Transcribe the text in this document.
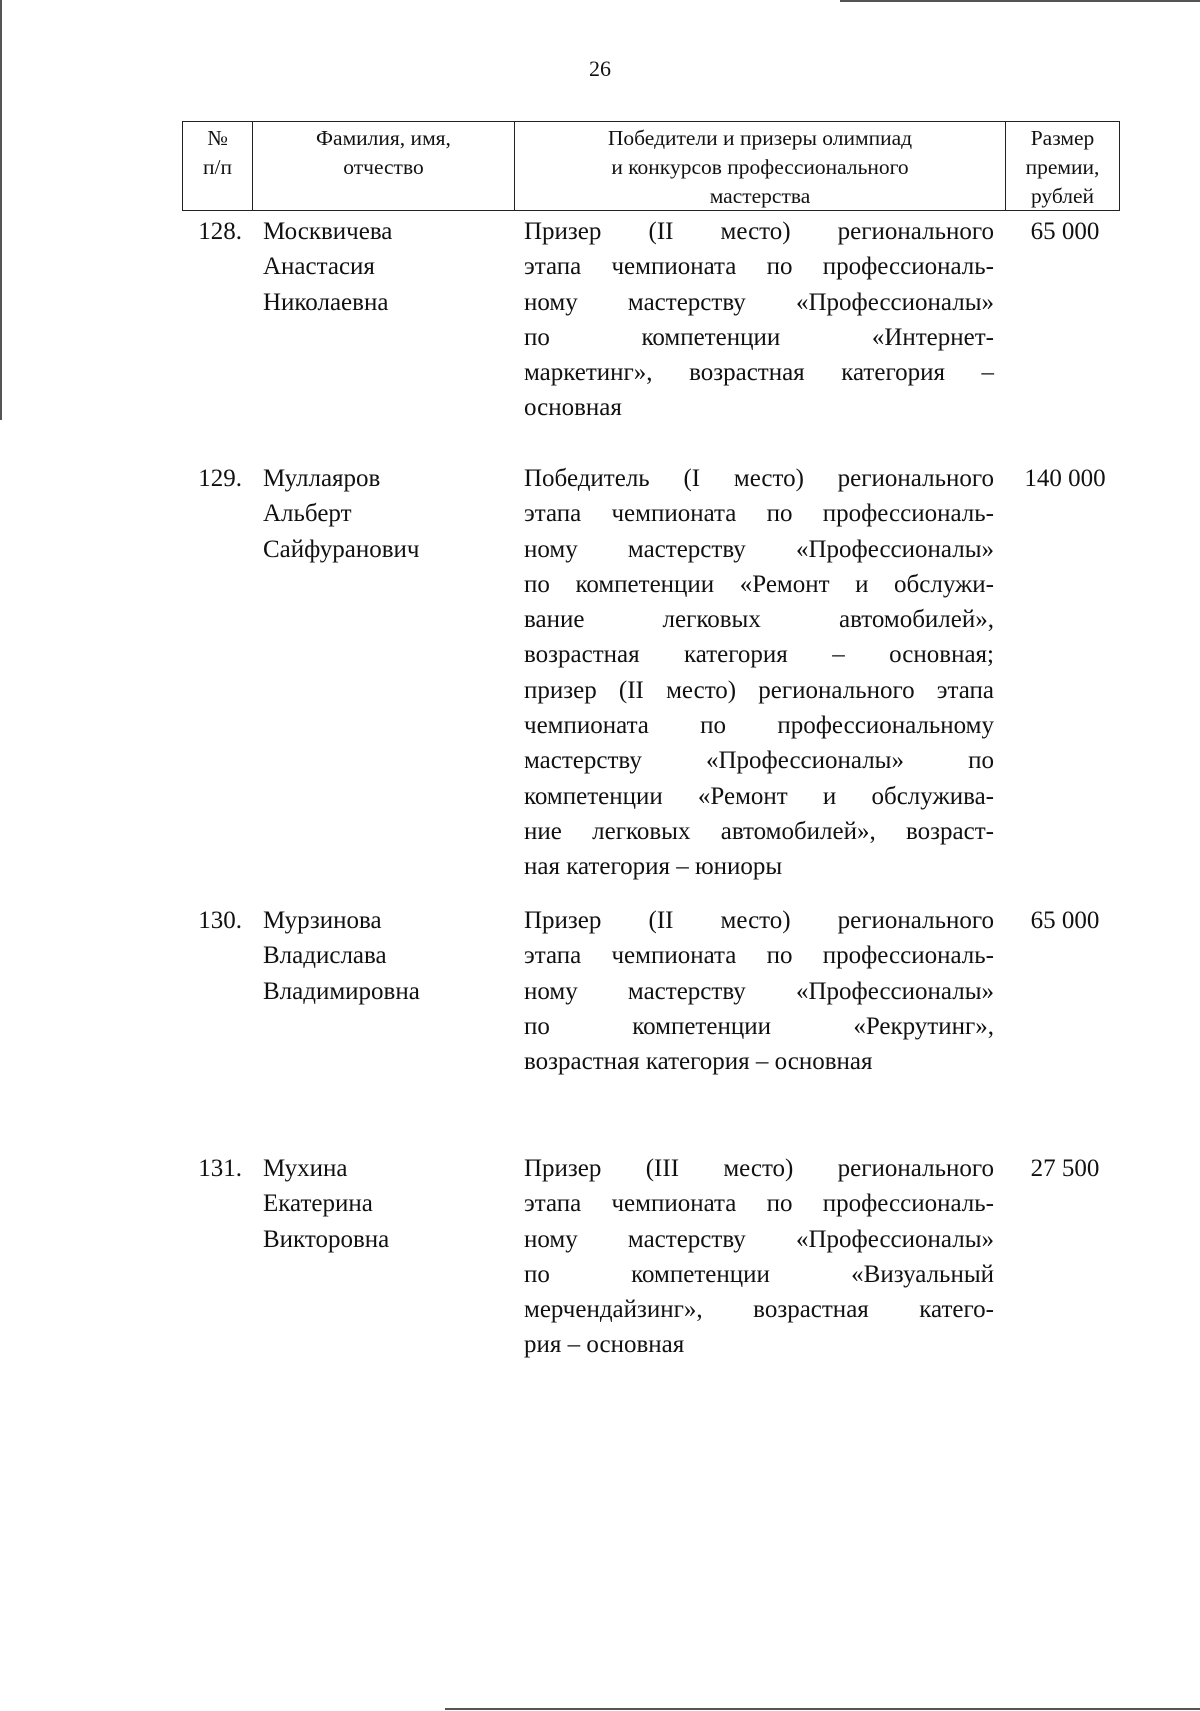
26
№
п/п
Фамилия, имя,
отчество
Победители и призеры олимпиад
и конкурсов профессионального
мастерства
Размер
премии,
рублей
128. Москвичева
Анастасия
Николаевна
Призер (II место) регионального
этапа чемпионата по профессиональ-
ному мастерству «Профессионалы»
по компетенции «Интернет-
маркетинг», возрастная категория –
основная
65 000
129. Муллаяров
Альберт
Сайфуранович
Победитель (I место) регионального
этапа чемпионата по профессиональ-
ному мастерству «Профессионалы»
по компетенции «Ремонт и обслужи-
вание легковых автомобилей»,
возрастная категория – основная;
призер (II место) регионального этапа
чемпионата по профессиональному
мастерству «Профессионалы» по
компетенции «Ремонт и обслужива-
ние легковых автомобилей», возраст-
ная категория – юниоры
140 000
130. Мурзинова
Владислава
Владимировна
Призер (II место) регионального
этапа чемпионата по профессиональ-
ному мастерству «Профессионалы»
по компетенции «Рекрутинг»,
возрастная категория – основная
65 000
131. Мухина
Екатерина
Викторовна
Призер (III место) регионального
этапа чемпионата по профессиональ-
ному мастерству «Профессионалы»
по компетенции «Визуальный
мерчендайзинг», возрастная катего-
рия – основная
27 500
